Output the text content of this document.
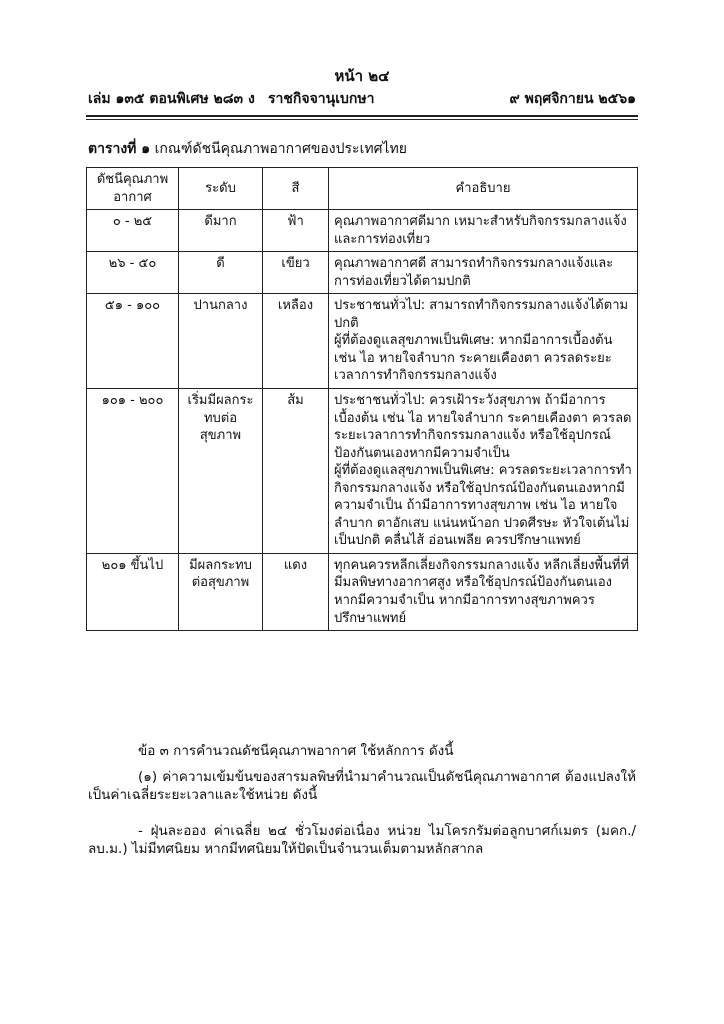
หน้า ๒๔
เล่ม ๑๓๕ ตอนพิเศษ ๒๘๓ ง ราชกิจจานุเบกษา	๙ พฤศจิกายน ๒๕๖๑
ตารางที่ ๑ เกณฑ์ดัชนีคุณภาพอากาศของประเทศไทย
ดัชนีคุณภาพอากาศ	ระดับ	สี	คำอธิบาย
๐ - ๒๕	ดีมาก	ฟ้า	คุณภาพอากาศดีมาก เหมาะสำหรับกิจกรรมกลางแจ้งและการท่องเที่ยว

๒๖ - ๕๐	ดี	เขียว	คุณภาพอากาศดี สามารถทำกิจกรรมกลางแจ้งและการท่องเที่ยวได้ตามปกติ

๕๑ - ๑๐๐	ปานกลาง	เหลือง	ประชาชนทั่วไป: สามารถทำกิจกรรมกลางแจ้งได้ตามปกติ

ผู้ที่ต้องดูแลสุขภาพเป็นพิเศษ: หากมีอาการเบื้องต้น เช่น ไอ หายใจลำบาก ระคายเคืองตา ควรลดระยะเวลาการทำกิจกรรมกลางแจ้ง

๑๐๑ - ๒๐๐	เริ่มมีผลกระทบต่อสุขภาพ	ส้ม	ประชาชนทั่วไป: ควรเฝ้าระวังสุขภาพ ถ้ามีอาการเบื้องต้น เช่น ไอ หายใจลำบาก ระคายเคืองตา ควรลดระยะเวลาการทำกิจกรรมกลางแจ้ง หรือใช้อุปกรณ์ป้องกันตนเองหากมีความจำเป็น

ผู้ที่ต้องดูแลสุขภาพเป็นพิเศษ: ควรลดระยะเวลาการทำกิจกรรมกลางแจ้ง หรือใช้อุปกรณ์ป้องกันตนเองหากมีความจำเป็น ถ้ามีอาการทางสุขภาพ เช่น ไอ หายใจลำบาก ตาอักเสบ แน่นหน้าอก ปวดศีรษะ หัวใจเต้นไม่เป็นปกติ คลื่นไส้ อ่อนเพลีย ควรปรึกษาแพทย์

๒๐๑ ขึ้นไป	มีผลกระทบต่อสุขภาพ	แดง	ทุกคนควรหลีกเลี่ยงกิจกรรมกลางแจ้ง หลีกเลี่ยงพื้นที่ที่มีมลพิษทางอากาศสูง หรือใช้อุปกรณ์ป้องกันตนเองหากมีความจำเป็น หากมีอาการทางสุขภาพควรปรึกษาแพทย์

ข้อ ๓ การคำนวณดัชนีคุณภาพอากาศ ใช้หลักการ ดังนี้
(๑) ค่าความเข้มข้นของสารมลพิษที่นำมาคำนวณเป็นดัชนีคุณภาพอากาศ ต้องแปลงให้เป็นค่าเฉลี่ยระยะเวลาและใช้หน่วย ดังนี้
- ฝุ่นละออง ค่าเฉลี่ย ๒๔ ชั่วโมงต่อเนื่อง หน่วย ไมโครกรัมต่อลูกบาศก์เมตร (มคก./ลบ.ม.) ไม่มีทศนิยม หากมีทศนิยมให้ปัดเป็นจำนวนเต็มตามหลักสากล
